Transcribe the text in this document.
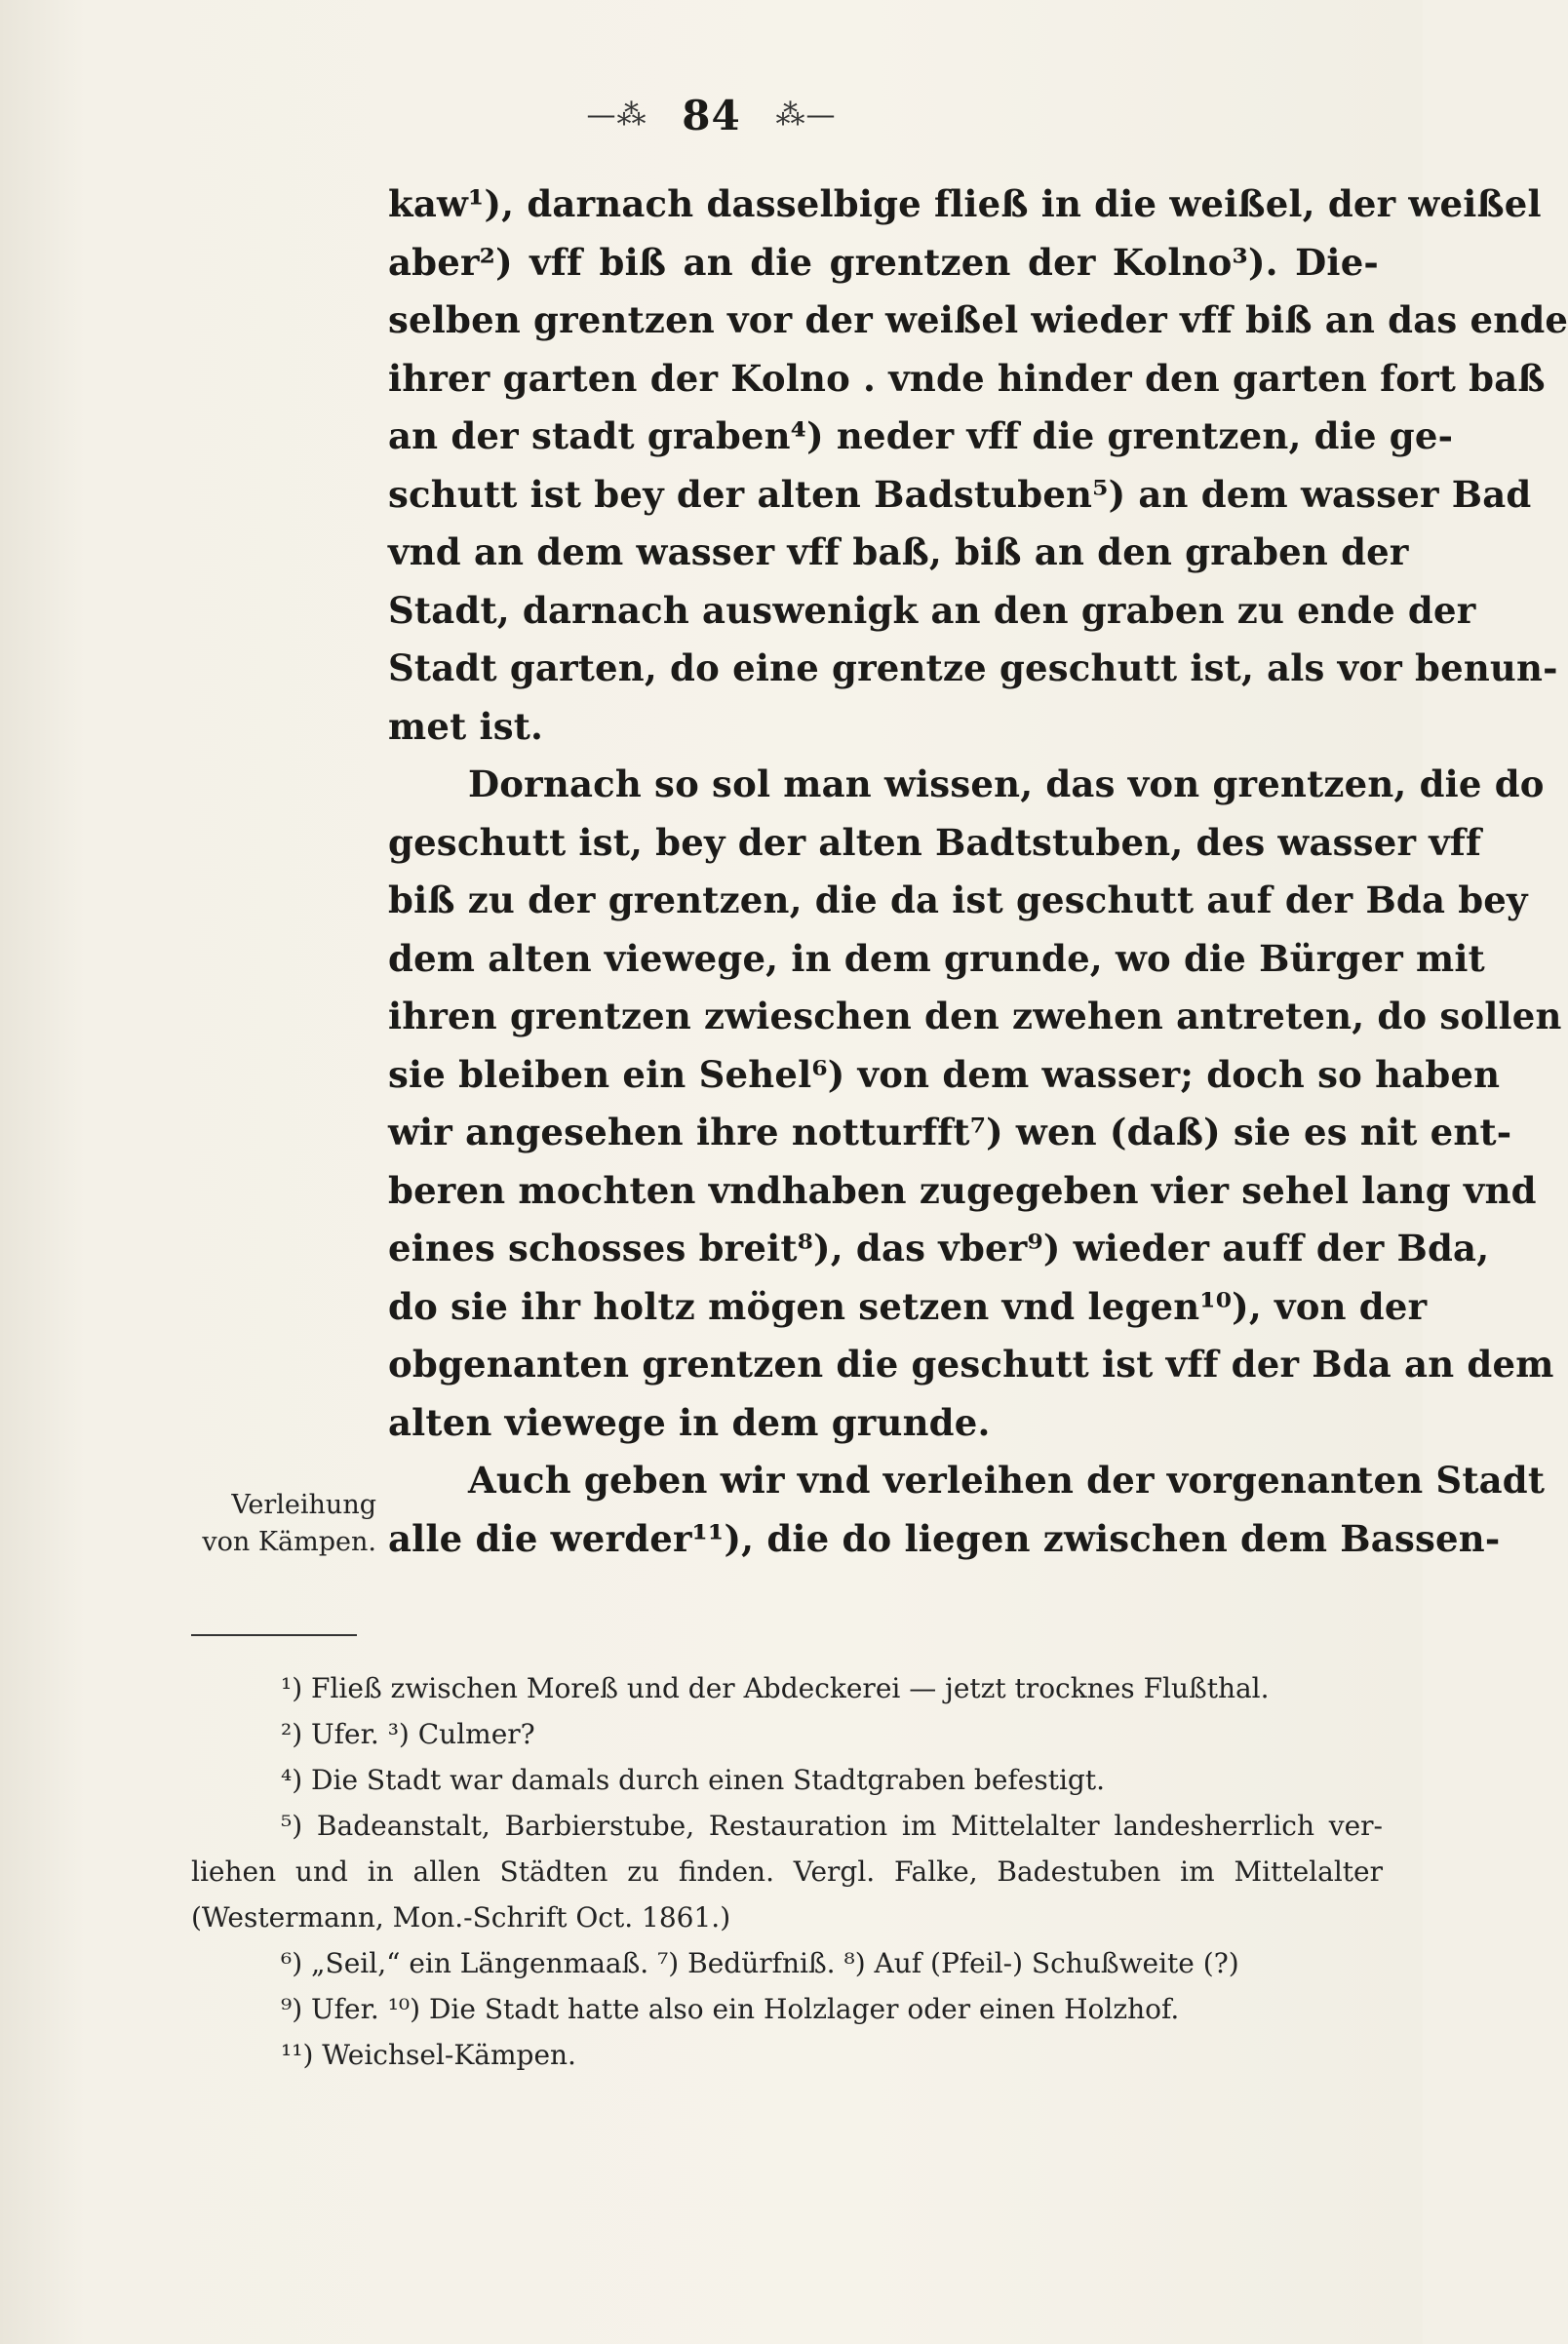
—⁂ 84 ⁂—
kaw¹), darnach dasselbige fließ in die weißel, der weißel
aber²) vff biß an die grentzen der Kolno³). Die-
selben grentzen vor der weißel wieder vff biß an das ende
ihrer garten der Kolno . vnde hinder den garten fort baß
an der stadt graben⁴) neder vff die grentzen, die ge-
schutt ist bey der alten Badstuben⁵) an dem wasser Bad
vnd an dem wasser vff baß, biß an den graben der
Stadt, darnach auswenigk an den graben zu ende der
Stadt garten, do eine grentze geschutt ist, als vor benun-
met ist.
Dornach so sol man wissen, das von grentzen, die do
geschutt ist, bey der alten Badtstuben, des wasser vff
biß zu der grentzen, die da ist geschutt auf der Bda bey
dem alten viewege, in dem grunde, wo die Bürger mit
ihren grentzen zwieschen den zwehen antreten, do sollen
sie bleiben ein Sehel⁶) von dem wasser; doch so haben
wir angesehen ihre notturfft⁷) wen (daß) sie es nit ent-
beren mochten vndhaben zugegeben vier sehel lang vnd
eines schosses breit⁸), das vber⁹) wieder auff der Bda,
do sie ihr holtz mögen setzen vnd legen¹⁰), von der
obgenanten grentzen die geschutt ist vff der Bda an dem
alten viewege in dem grunde.
Auch geben wir vnd verleihen der vorgenanten Stadt
alle die werder¹¹), die do liegen zwischen dem Bassen-
Verleihung
von Kämpen.
¹) Fließ zwischen Moreß und der Abdeckerei — jetzt trocknes Flußthal.
²) Ufer. ³) Culmer?
⁴) Die Stadt war damals durch einen Stadtgraben befestigt.
⁵) Badeanstalt, Barbierstube, Restauration im Mittelalter landesherrlich ver-
liehen und in allen Städten zu finden. Vergl. Falke, Badestuben im Mittelalter
(Westermann, Mon.-Schrift Oct. 1861.)
⁶) „Seil,“ ein Längenmaaß. ⁷) Bedürfniß. ⁸) Auf (Pfeil-) Schußweite (?)
⁹) Ufer. ¹⁰) Die Stadt hatte also ein Holzlager oder einen Holzhof.
¹¹) Weichsel-Kämpen.
